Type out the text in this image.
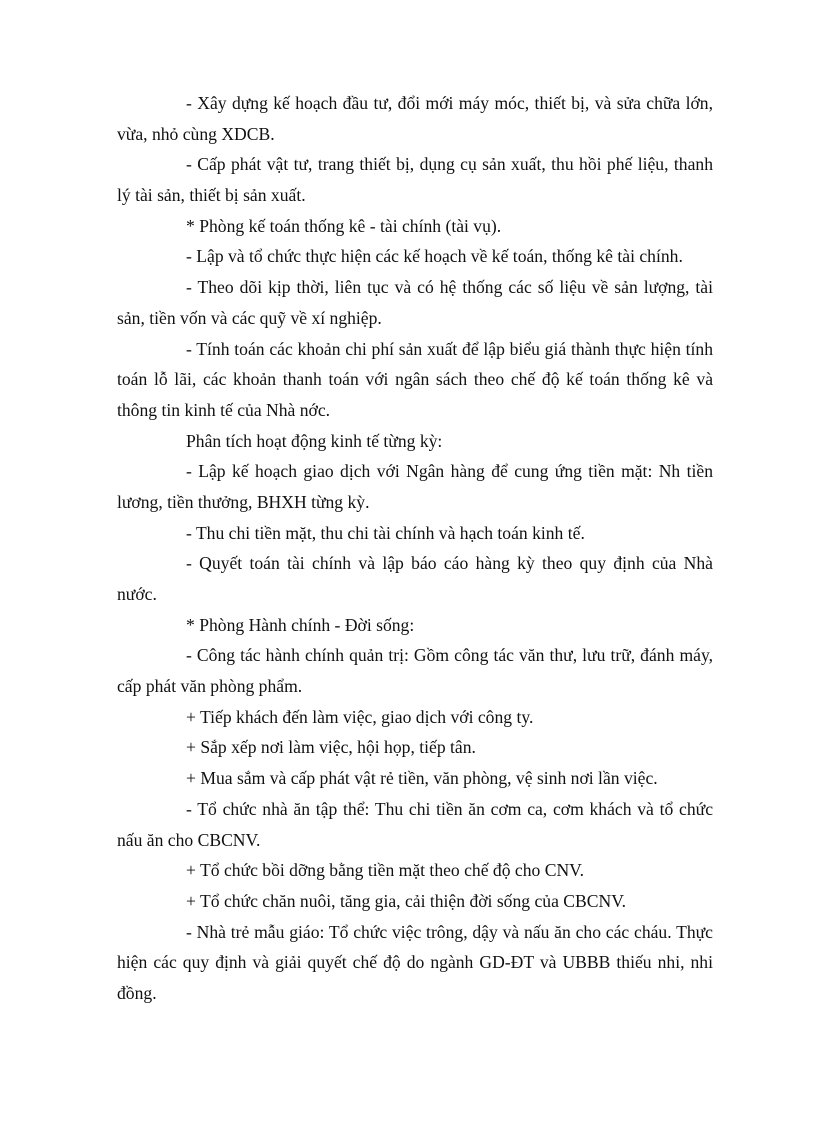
- Xây dựng kế hoạch đầu tư, đổi mới máy móc, thiết bị, và sửa chữa lớn,
vừa, nhỏ cùng XDCB.
- Cấp phát vật tư, trang thiết bị, dụng cụ sản xuất, thu hồi phế liệu, thanh
lý tài sản, thiết bị sản xuất.
* Phòng kế toán thống kê - tài chính (tài vụ).
- Lập và tổ chức thực hiện các kế hoạch về kế toán, thống kê tài chính.
- Theo dõi kịp thời, liên tục và có hệ thống các số liệu về sản lượng, tài
sản, tiền vốn và các quỹ về xí nghiệp.
- Tính toán các khoản chi phí sản xuất để lập biểu giá thành thực hiện tính
toán lỗ lãi, các khoản thanh toán với ngân sách theo chế độ kế toán thống kê và
thông tin kinh tế của Nhà nớc.
Phân tích hoạt động kinh tế từng kỳ:
- Lập kế hoạch giao dịch với Ngân hàng để cung ứng tiền mặt: Nh tiền
lương, tiền thưởng, BHXH từng kỳ.
- Thu chi tiền mặt, thu chi tài chính và hạch toán kinh tế.
- Quyết toán tài chính và lập báo cáo hàng kỳ theo quy định của Nhà
nước.
* Phòng Hành chính - Đời sống:
- Công tác hành chính quản trị: Gồm công tác văn thư, lưu trữ, đánh máy,
cấp phát văn phòng phẩm.
+ Tiếp khách đến làm việc, giao dịch với công ty.
+ Sắp xếp nơi làm việc, hội họp, tiếp tân.
+ Mua sắm và cấp phát vật rẻ tiền, văn phòng, vệ sinh nơi lần việc.
- Tổ chức nhà ăn tập thể: Thu chi tiền ăn cơm ca, cơm khách và tổ chức
nấu ăn cho CBCNV.
+ Tổ chức bồi dỡng bằng tiền mặt theo chế độ cho CNV.
+ Tổ chức chăn nuôi, tăng gia, cải thiện đời sống của CBCNV.
- Nhà trẻ mẫu giáo: Tổ chức việc trông, dậy và nấu ăn cho các cháu. Thực
hiện các quy định và giải quyết chế độ do ngành GD-ĐT và UBBB thiếu nhi, nhi
đồng.
